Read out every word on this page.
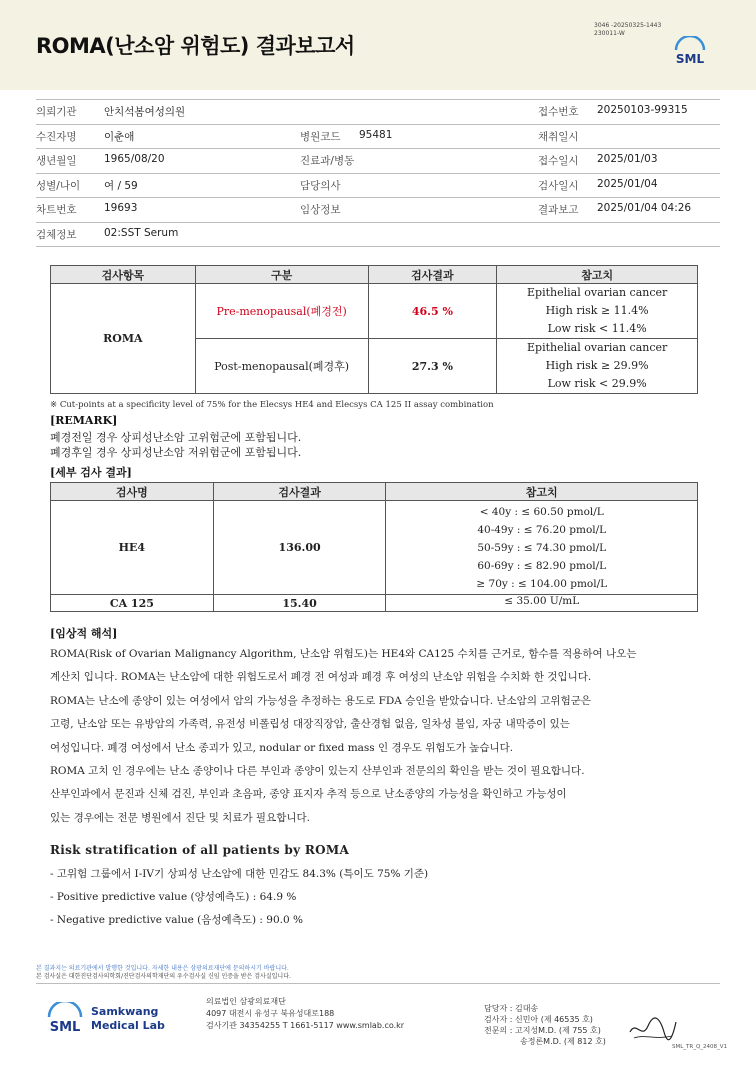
ROMA(난소암 위험도) 결과보고서
3046 -20250325-1443
230011-W
SML
의뢰기관	안치석봄여성의원	접수번호 20250103-99315
수진자명	이춘애	병원코드 95481	채취일시
생년월일	1965/08/20	진료과/병동	접수일시 2025/01/03
성별/나이 여 / 59	담당의사	검사일시 2025/01/04
차트번호	19693	임상정보	결과보고 2025/01/04 04:26
검체정보	02:SST Serum
검사항목	구분	검사결과	참고치
ROMA	Pre-menopausal(폐경전)	46.5 %	Epithelial ovarian cancer
High risk ≥ 11.4%
Low risk < 11.4%

	Post-menopausal(폐경후)	27.3 %	Epithelial ovarian cancer
High risk ≥ 29.9%
Low risk < 29.9%
※ Cut-points at a specificity level of 75% for the Elecsys HE4 and Elecsys CA 125 II assay combination
[REMARK]
폐경전일 경우 상피성난소암 고위험군에 포함됩니다.
폐경후일 경우 상피성난소암 저위험군에 포함됩니다.
[세부 검사 결과]
검사명	검사결과	참고치
HE4	136.00	< 40y : ≤ 60.50 pmol/L
40-49y : ≤ 76.20 pmol/L
50-59y : ≤ 74.30 pmol/L
60-69y : ≤ 82.90 pmol/L
≥ 70y : ≤ 104.00 pmol/L

CA 125	15.40	≤ 35.00 U/mL
[임상적 해석]
ROMA(Risk of Ovarian Malignancy Algorithm, 난소암 위험도)는 HE4와 CA125 수치를 근거로, 함수를 적용하여 나오는
계산치 입니다. ROMA는 난소암에 대한 위험도로서 폐경 전 여성과 폐경 후 여성의 난소암 위험을 수치화 한 것입니다.
ROMA는 난소에 종양이 있는 여성에서 암의 가능성을 추정하는 용도로 FDA 승인을 받았습니다. 난소암의 고위험군은
고령, 난소암 또는 유방암의 가족력, 유전성 비폴립성 대장직장암, 출산경험 없음, 일차성 불임, 자궁 내막증이 있는
여성입니다. 폐경 여성에서 난소 종괴가 있고, nodular or fixed mass 인 경우도 위험도가 높습니다.
ROMA 고치 인 경우에는 난소 종양이나 다른 부인과 종양이 있는지 산부인과 전문의의 확인을 받는 것이 필요합니다.
산부인과에서 문진과 신체 검진, 부인과 초음파, 종양 표지자 추적 등으로 난소종양의 가능성을 확인하고 가능성이
있는 경우에는 전문 병원에서 진단 및 치료가 필요합니다.
Risk stratification of all patients by ROMA
- 고위험 그룹에서 I-IV기 상피성 난소암에 대한 민감도 84.3% (특이도 75% 기준)
- Positive predictive value (양성예측도) : 64.9 %
- Negative predictive value (음성예측도) : 90.0 %
본 결과지는 의료기관에서 발행한 것입니다. 자세한 내용은 삼광의료재단에 문의하시기 바랍니다.
본 검사실은 대한진단검사의학회/진단검사의학재단의 우수검사실 신임 인증을 받은 검사실입니다.
SML
Samkwang
Medical Lab
의료법인 삼광의료재단
4097 대전시 유성구 북유성대로188
검사기관 34354255 T 1661-5117 www.smlab.co.kr
담당자 : 김대송
검사자 : 신민아 (제 46535 호)
전문의 : 고지성M.D. (제 755 호)
송정론M.D. (제 812 호)
SML_TR_Q_2408_V1
